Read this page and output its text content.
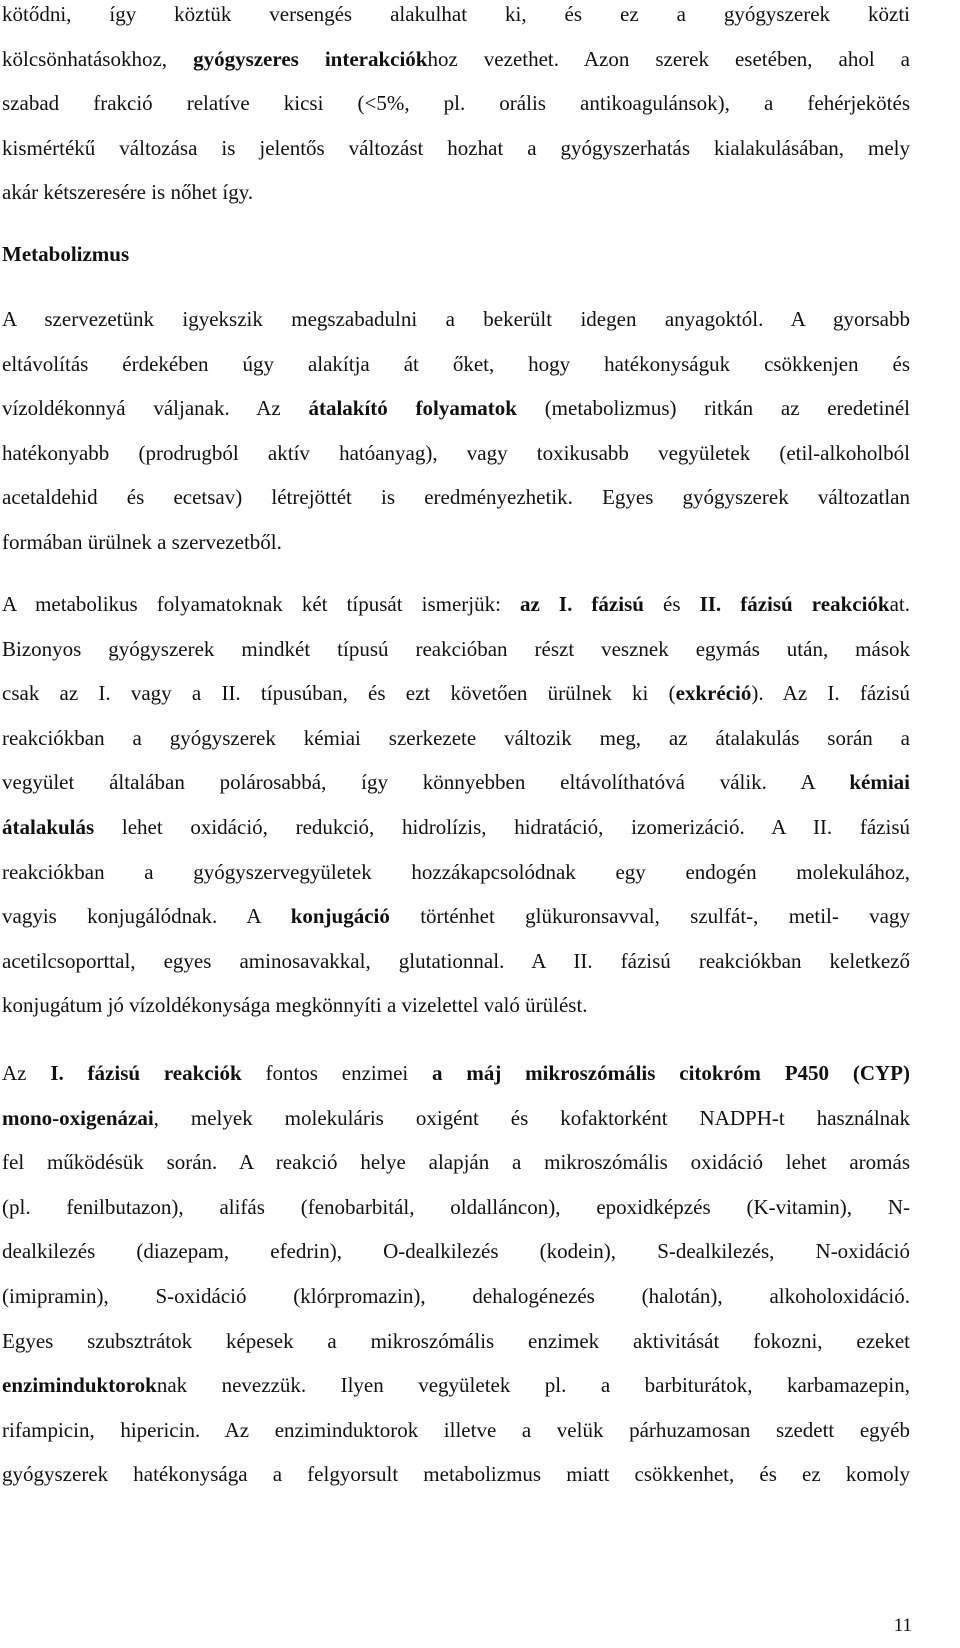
kötődni, így köztük versengés alakulhat ki, és ez a gyógyszerek közti
kölcsönhatásokhoz, gyógyszeres interakciókhoz vezethet. Azon szerek esetében, ahol a
szabad frakció relatíve kicsi (<5%, pl. orális antikoagulánsok), a fehérjekötés
kismértékű változása is jelentős változást hozhat a gyógyszerhatás kialakulásában, mely
akár kétszeresére is nőhet így.
Metabolizmus
A szervezetünk igyekszik megszabadulni a bekerült idegen anyagoktól. A gyorsabb
eltávolítás érdekében úgy alakítja át őket, hogy hatékonyságuk csökkenjen és
vízoldékonnyá váljanak. Az átalakító folyamatok (metabolizmus) ritkán az eredetinél
hatékonyabb (prodrugból aktív hatóanyag), vagy toxikusabb vegyületek (etil-alkoholból
acetaldehid és ecetsav) létrejöttét is eredményezhetik. Egyes gyógyszerek változatlan
formában ürülnek a szervezetből.
A metabolikus folyamatoknak két típusát ismerjük: az I. fázisú és II. fázisú reakciókat.
Bizonyos gyógyszerek mindkét típusú reakcióban részt vesznek egymás után, mások
csak az I. vagy a II. típusúban, és ezt követően ürülnek ki (exkréció). Az I. fázisú
reakciókban a gyógyszerek kémiai szerkezete változik meg, az átalakulás során a
vegyület általában polárosabbá, így könnyebben eltávolíthatóvá válik. A kémiai
átalakulás lehet oxidáció, redukció, hidrolízis, hidratáció, izomerizáció. A II. fázisú
reakciókban a gyógyszervegyületek hozzákapcsolódnak egy endogén molekulához,
vagyis konjugálódnak. A konjugáció történhet glükuronsavval, szulfát-, metil- vagy
acetilcsoporttal, egyes aminosavakkal, glutationnal. A II. fázisú reakciókban keletkező
konjugátum jó vízoldékonysága megkönnyíti a vizelettel való ürülést.
Az I. fázisú reakciók fontos enzimei a máj mikroszómális citokróm P450 (CYP)
mono-oxigenázai, melyek molekuláris oxigént és kofaktorként NADPH-t használnak
fel működésük során. A reakció helye alapján a mikroszómális oxidáció lehet aromás
(pl. fenilbutazon), alifás (fenobarbitál, oldalláncon), epoxidképzés (K-vitamin), N-
dealkilezés (diazepam, efedrin), O-dealkilezés (kodein), S-dealkilezés, N-oxidáció
(imipramin), S-oxidáció (klórpromazin), dehalogénezés (halotán), alkoholoxidáció.
Egyes szubsztrátok képesek a mikroszómális enzimek aktivitását fokozni, ezeket
enziminduktoroknak nevezzük. Ilyen vegyületek pl. a barbiturátok, karbamazepin,
rifampicin, hipericin. Az enziminduktorok illetve a velük párhuzamosan szedett egyéb
gyógyszerek hatékonysága a felgyorsult metabolizmus miatt csökkenhet, és ez komoly
11
